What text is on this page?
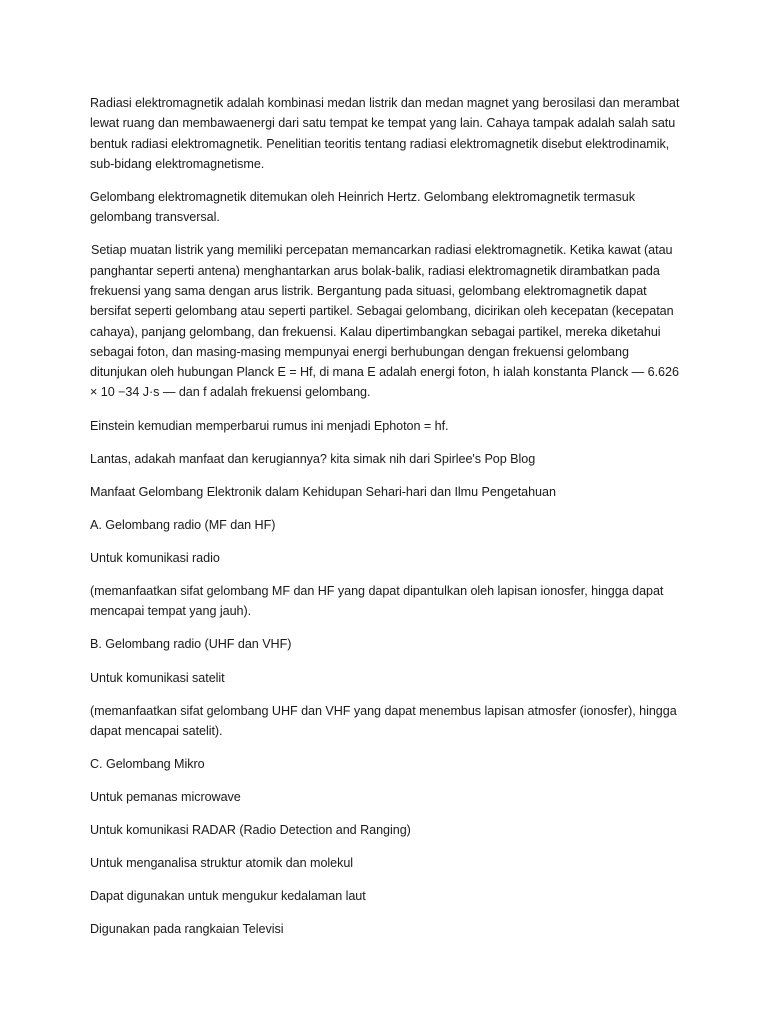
Radiasi elektromagnetik adalah kombinasi medan listrik dan medan magnet yang berosilasi dan merambat lewat ruang dan membawaenergi dari satu tempat ke tempat yang lain. Cahaya tampak adalah salah satu bentuk radiasi elektromagnetik. Penelitian teoritis tentang radiasi elektromagnetik disebut elektrodinamik, sub-bidang elektromagnetisme.

Gelombang elektromagnetik ditemukan oleh Heinrich Hertz. Gelombang elektromagnetik termasuk gelombang transversal.

Setiap muatan listrik yang memiliki percepatan memancarkan radiasi elektromagnetik. Ketika kawat (atau panghantar seperti antena) menghantarkan arus bolak-balik, radiasi elektromagnetik dirambatkan pada frekuensi yang sama dengan arus listrik. Bergantung pada situasi, gelombang elektromagnetik dapat bersifat seperti gelombang atau seperti partikel. Sebagai gelombang, dicirikan oleh kecepatan (kecepatan cahaya), panjang gelombang, dan frekuensi. Kalau dipertimbangkan sebagai partikel, mereka diketahui sebagai foton, dan masing-masing mempunyai energi berhubungan dengan frekuensi gelombang ditunjukan oleh hubungan Planck E = Hf, di mana E adalah energi foton, h ialah konstanta Planck — 6.626 × 10 −34 J·s — dan f adalah frekuensi gelombang.

Einstein kemudian memperbarui rumus ini menjadi Ephoton = hf.

Lantas, adakah manfaat dan kerugiannya? kita simak nih dari Spirlee's Pop Blog

Manfaat Gelombang Elektronik dalam Kehidupan Sehari-hari dan Ilmu Pengetahuan

A. Gelombang radio (MF dan HF)

Untuk komunikasi radio

(memanfaatkan sifat gelombang MF dan HF yang dapat dipantulkan oleh lapisan ionosfer, hingga dapat mencapai tempat yang jauh).

B. Gelombang radio (UHF dan VHF)

Untuk komunikasi satelit

(memanfaatkan sifat gelombang UHF dan VHF yang dapat menembus lapisan atmosfer (ionosfer), hingga dapat mencapai satelit).

C. Gelombang Mikro

Untuk pemanas microwave

Untuk komunikasi RADAR (Radio Detection and Ranging)

Untuk menganalisa struktur atomik dan molekul

Dapat digunakan untuk mengukur kedalaman laut

Digunakan pada rangkaian Televisi
